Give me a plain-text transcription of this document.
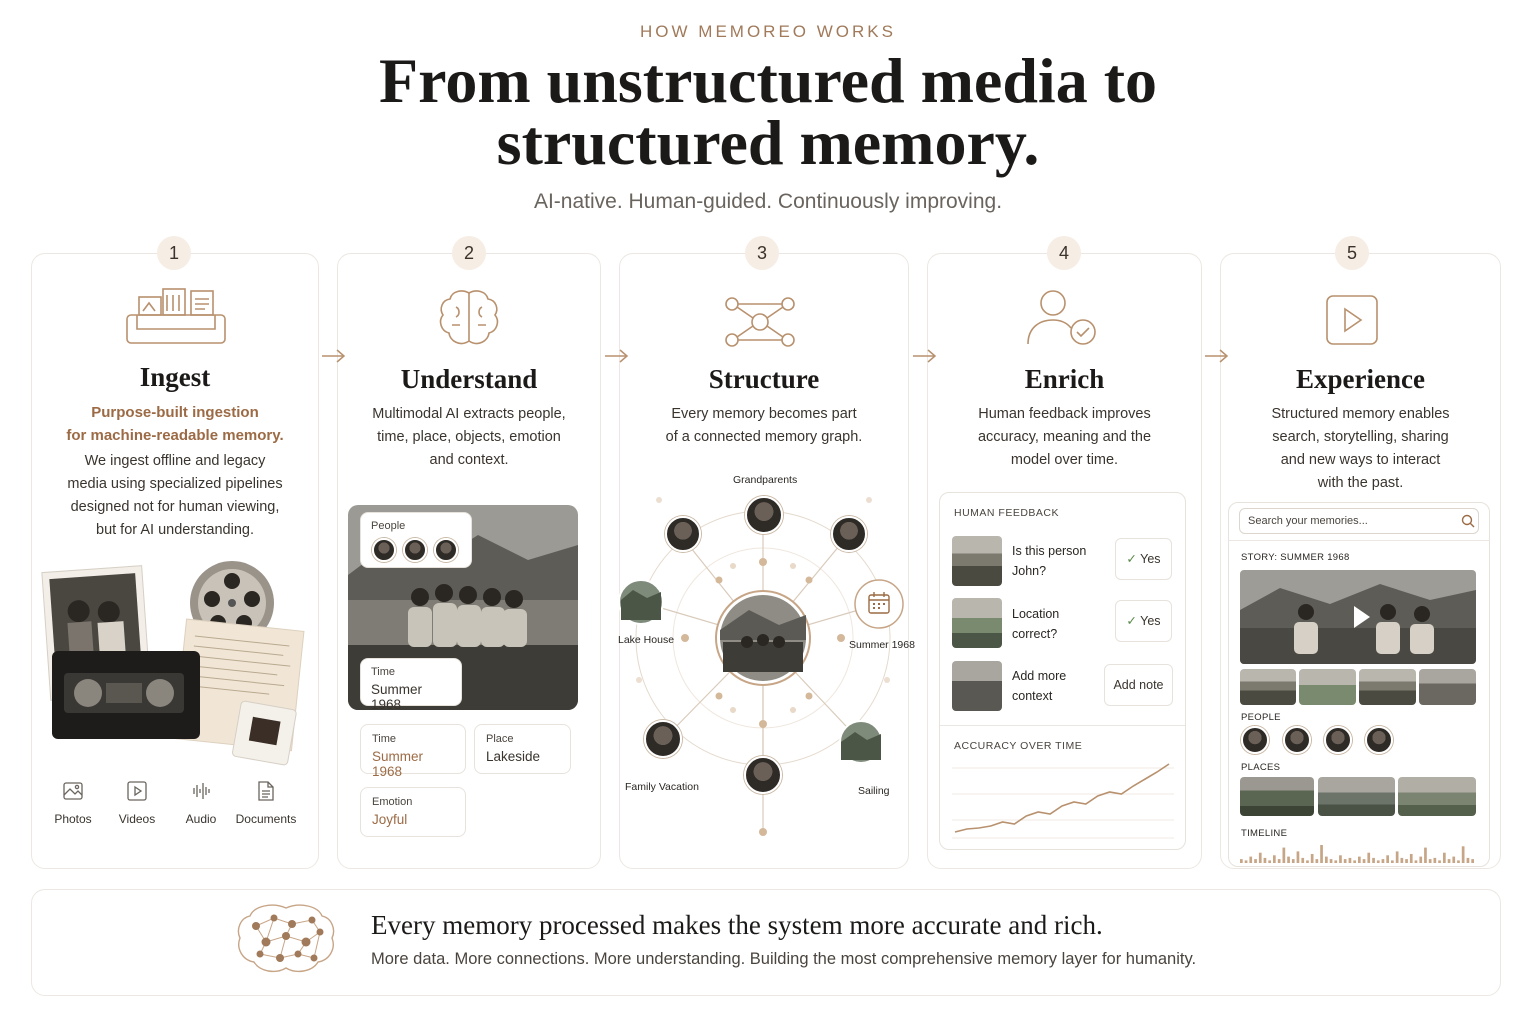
HOW MEMOREO WORKS
From unstructured media to
structured memory.
AI-native. Human-guided. Continuously improving.
1	2	3	4	5
Ingest
Purpose-built ingestion
for machine-readable memory.
We ingest offline and legacy
media using specialized pipelines
designed not for human viewing,
but for AI understanding.
Photos	Videos	Audio	Documents
Understand
Multimodal AI extracts people,
time, place, objects, emotion
and context.
People
Time
Summer 1968
Time
Summer 1968
Place
Lakeside
Emotion
Joyful
Structure
Every memory becomes part
of a connected memory graph.
Grandparents
Lake House	Summer 1968
Family Vacation	Sailing
Enrich
Human feedback improves
accuracy, meaning and the
model over time.
HUMAN FEEDBACK
Is this person
John?
✓ Yes
Location
correct?
✓ Yes
Add more
context
Add note
ACCURACY OVER TIME
Experience
Structured memory enables
search, storytelling, sharing
and new ways to interact
with the past.
Search your memories...
STORY: SUMMER 1968
PEOPLE
PLACES
TIMELINE
Every memory processed makes the system more accurate and rich.
More data. More connections. More understanding. Building the most comprehensive memory layer for humanity.
